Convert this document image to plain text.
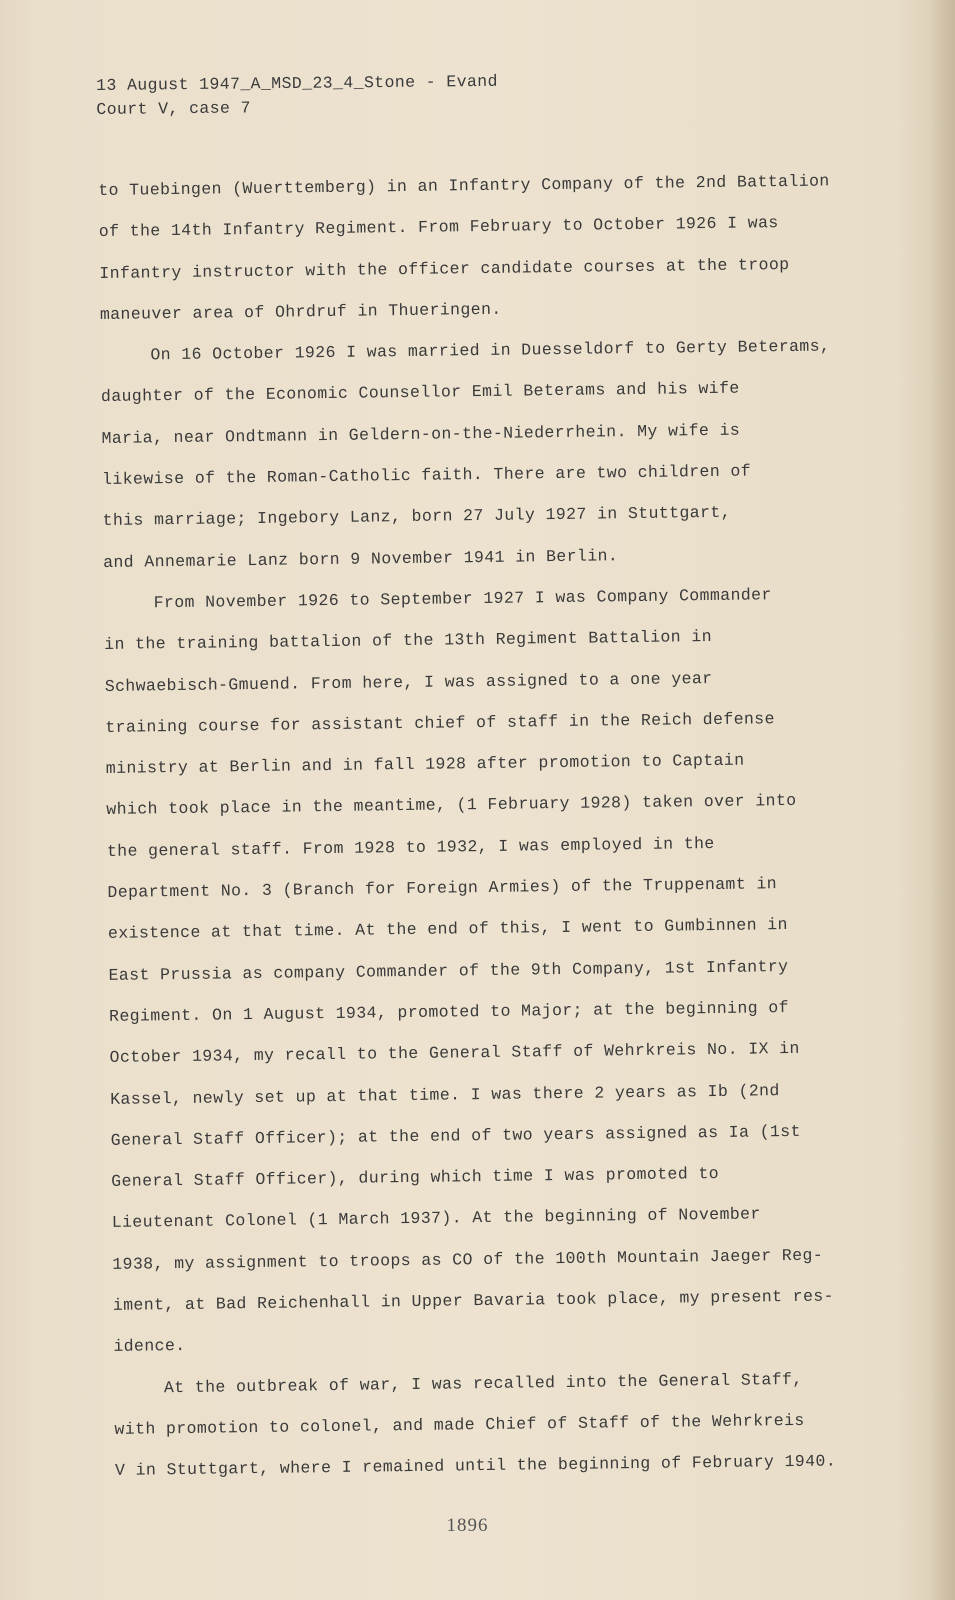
13 August 1947_A_MSD_23_4_Stone - Evand
Court V, case 7
to Tuebingen (Wuerttemberg) in an Infantry Company of the 2nd Battalion
of the 14th Infantry Regiment. From February to October 1926 I was
Infantry instructor with the officer candidate courses at the troop
maneuver area of Ohrdruf in Thueringen.
On 16 October 1926 I was married in Duesseldorf to Gerty Beterams,
daughter of the Economic Counsellor Emil Beterams and his wife
Maria, near Ondtmann in Geldern-on-the-Niederrhein. My wife is
likewise of the Roman-Catholic faith. There are two children of
this marriage; Ingebory Lanz, born 27 July 1927 in Stuttgart,
and Annemarie Lanz born 9 November 1941 in Berlin.
From November 1926 to September 1927 I was Company Commander
in the training battalion of the 13th Regiment Battalion in
Schwaebisch-Gmuend. From here, I was assigned to a one year
training course for assistant chief of staff in the Reich defense
ministry at Berlin and in fall 1928 after promotion to Captain
which took place in the meantime, (1 February 1928) taken over into
the general staff. From 1928 to 1932, I was employed in the
Department No. 3 (Branch for Foreign Armies) of the Truppenamt in
existence at that time. At the end of this, I went to Gumbinnen in
East Prussia as company Commander of the 9th Company, 1st Infantry
Regiment. On 1 August 1934, promoted to Major; at the beginning of
October 1934, my recall to the General Staff of Wehrkreis No. IX in
Kassel, newly set up at that time. I was there 2 years as Ib (2nd
General Staff Officer); at the end of two years assigned as Ia (1st
General Staff Officer), during which time I was promoted to
Lieutenant Colonel (1 March 1937). At the beginning of November
1938, my assignment to troops as CO of the 100th Mountain Jaeger Reg-
iment, at Bad Reichenhall in Upper Bavaria took place, my present res-
idence.
At the outbreak of war, I was recalled into the General Staff,
with promotion to colonel, and made Chief of Staff of the Wehrkreis
V in Stuttgart, where I remained until the beginning of February 1940.
1896
